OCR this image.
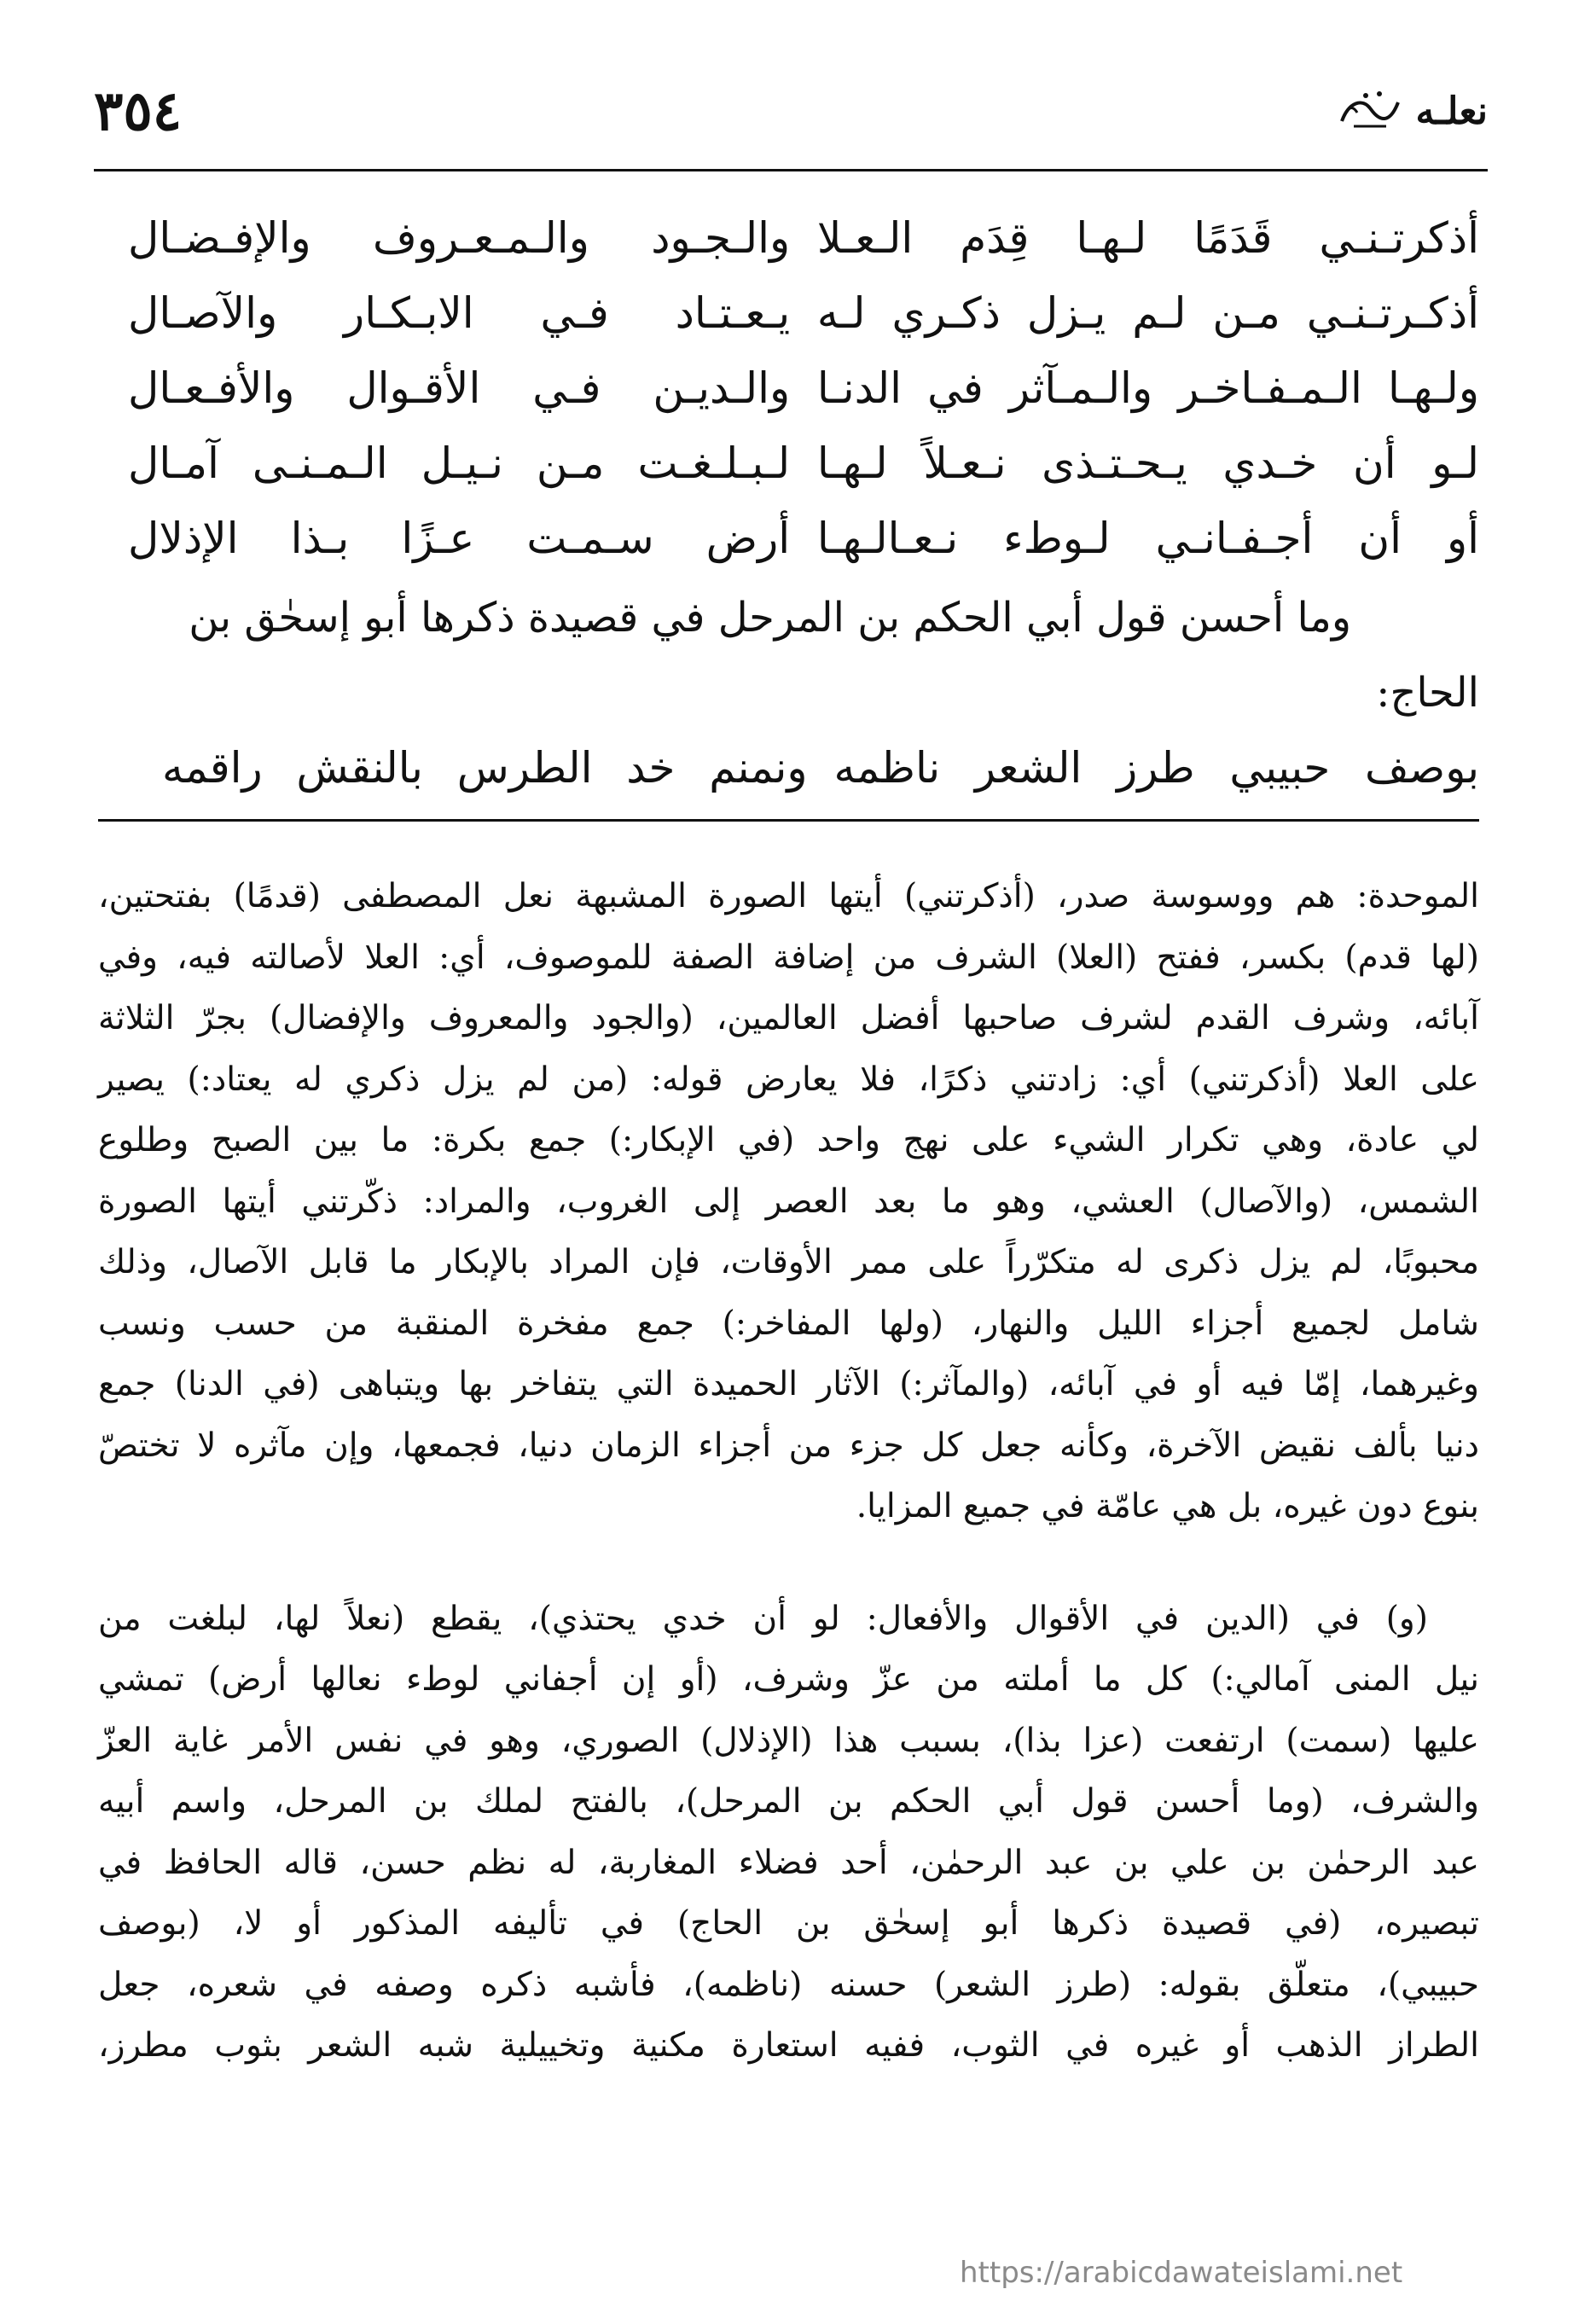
نعلـه
٣٥٤
أذكرتـنـي قَدَمًا لـهـا قِدَم الـعـلا
والـجـود والـمـعـروف والإفـضـال
أذكـرتـنـي مـن لـم يـزل ذكـري لـه
يـعـتـاد فـي الابـكـار والآصـال
ولـهـا الـمـفـاخـر والـمـآثر في الدنـا
والـديـن فـي الأقـوال والأفـعـال
لـو أن خـدي يـحـتـذى نـعـلاً لـهـا
لـبـلـغـت مـن نـيـل الـمـنـى آمـال
أو أن أجـفـانـي لـوطء نـعـالـهـا
أرض سـمـت عـزًا بـذا الإذلال
وما أحسن قول أبي الحكم بن المرحل في قصيدة ذكرها أبو إسحٰق بن
الحاج:
بوصف حبيبي طرز الشعر ناظمه
ونمنم خد الطرس بالنقش راقمه

الموحدة: هم ووسوسة صدر، (أذكرتني) أيتها الصورة المشبهة نعل المصطفى (قدمًا) بفتحتين،
(لها قدم) بكسر، ففتح (العلا) الشرف من إضافة الصفة للموصوف، أي: العلا لأصالته فيه، وفي
آبائه، وشرف القدم لشرف صاحبها أفضل العالمين، (والجود والمعروف والإفضال) بجرّ الثلاثة
على العلا (أذكرتني) أي: زادتني ذكرًا، فلا يعارض قوله: (من لم يزل ذكري له يعتاد:) يصير
لي عادة، وهي تكرار الشيء على نهج واحد (في الإبكار:) جمع بكرة: ما بين الصبح وطلوع
الشمس، (والآصال) العشي، وهو ما بعد العصر إلى الغروب، والمراد: ذكّرتني أيتها الصورة
محبوبًا، لم يزل ذكرى له متكرّراً على ممر الأوقات، فإن المراد بالإبكار ما قابل الآصال، وذلك
شامل لجميع أجزاء الليل والنهار، (ولها المفاخر:) جمع مفخرة المنقبة من حسب ونسب
وغيرهما، إمّا فيه أو في آبائه، (والمآثر:) الآثار الحميدة التي يتفاخر بها ويتباهى (في الدنا) جمع
دنيا بألف نقيض الآخرة، وكأنه جعل كل جزء من أجزاء الزمان دنيا، فجمعها، وإن مآثره لا تختصّ
بنوع دون غيره، بل هي عامّة في جميع المزايا.

(و) في (الدين في الأقوال والأفعال: لو أن خدي يحتذي)، يقطع (نعلاً لها، لبلغت من
نيل المنى آمالي:) كل ما أملته من عزّ وشرف، (أو إن أجفاني لوطء نعالها أرض) تمشي
عليها (سمت) ارتفعت (عزا بذا)، بسبب هذا (الإذلال) الصوري، وهو في نفس الأمر غاية العزّ
والشرف، (وما أحسن قول أبي الحكم بن المرحل)، بالفتح لملك بن المرحل، واسم أبيه
عبد الرحمٰن بن علي بن عبد الرحمٰن، أحد فضلاء المغاربة، له نظم حسن، قاله الحافظ في
تبصيره، (في قصيدة ذكرها أبو إسحٰق بن الحاج) في تأليفه المذكور أو لا، (بوصف
حبيبي)، متعلّق بقوله: (طرز الشعر) حسنه (ناظمه)، فأشبه ذكره وصفه في شعره، جعل
الطراز الذهب أو غيره في الثوب، ففيه استعارة مكنية وتخييلية شبه الشعر بثوب مطرز،

https://arabicdawateislami.net
